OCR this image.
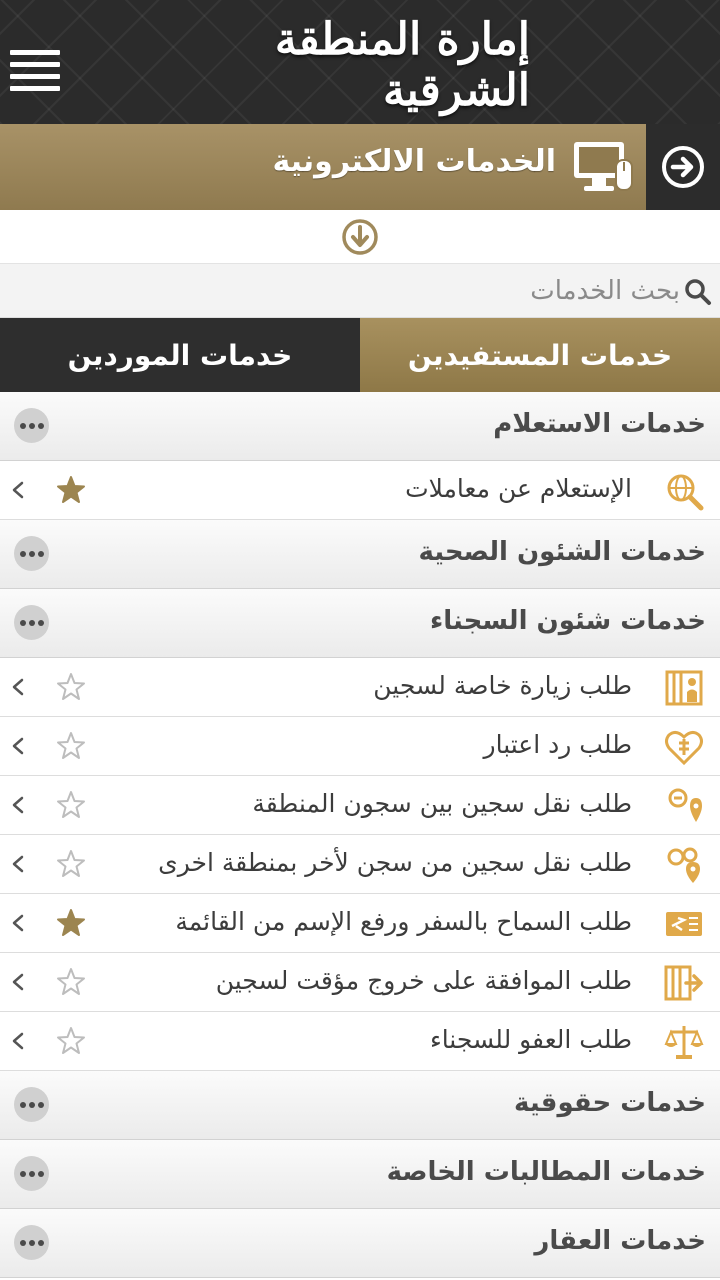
إمارة المنطقة الشرقية
الخدمات الالكترونية
بحث الخدمات
خدمات الموردين	خدمات المستفيدين
خدمات الاستعلام
الإستعلام عن معاملات
خدمات الشئون الصحية
خدمات شئون السجناء
طلب زيارة خاصة لسجين
طلب رد اعتبار
طلب نقل سجين بين سجون المنطقة
طلب نقل سجين من سجن لأخر بمنطقة اخرى
طلب السماح بالسفر ورفع الإسم من القائمة
طلب الموافقة على خروج مؤقت لسجين
طلب العفو للسجناء
خدمات حقوقية
خدمات المطالبات الخاصة
خدمات العقار
